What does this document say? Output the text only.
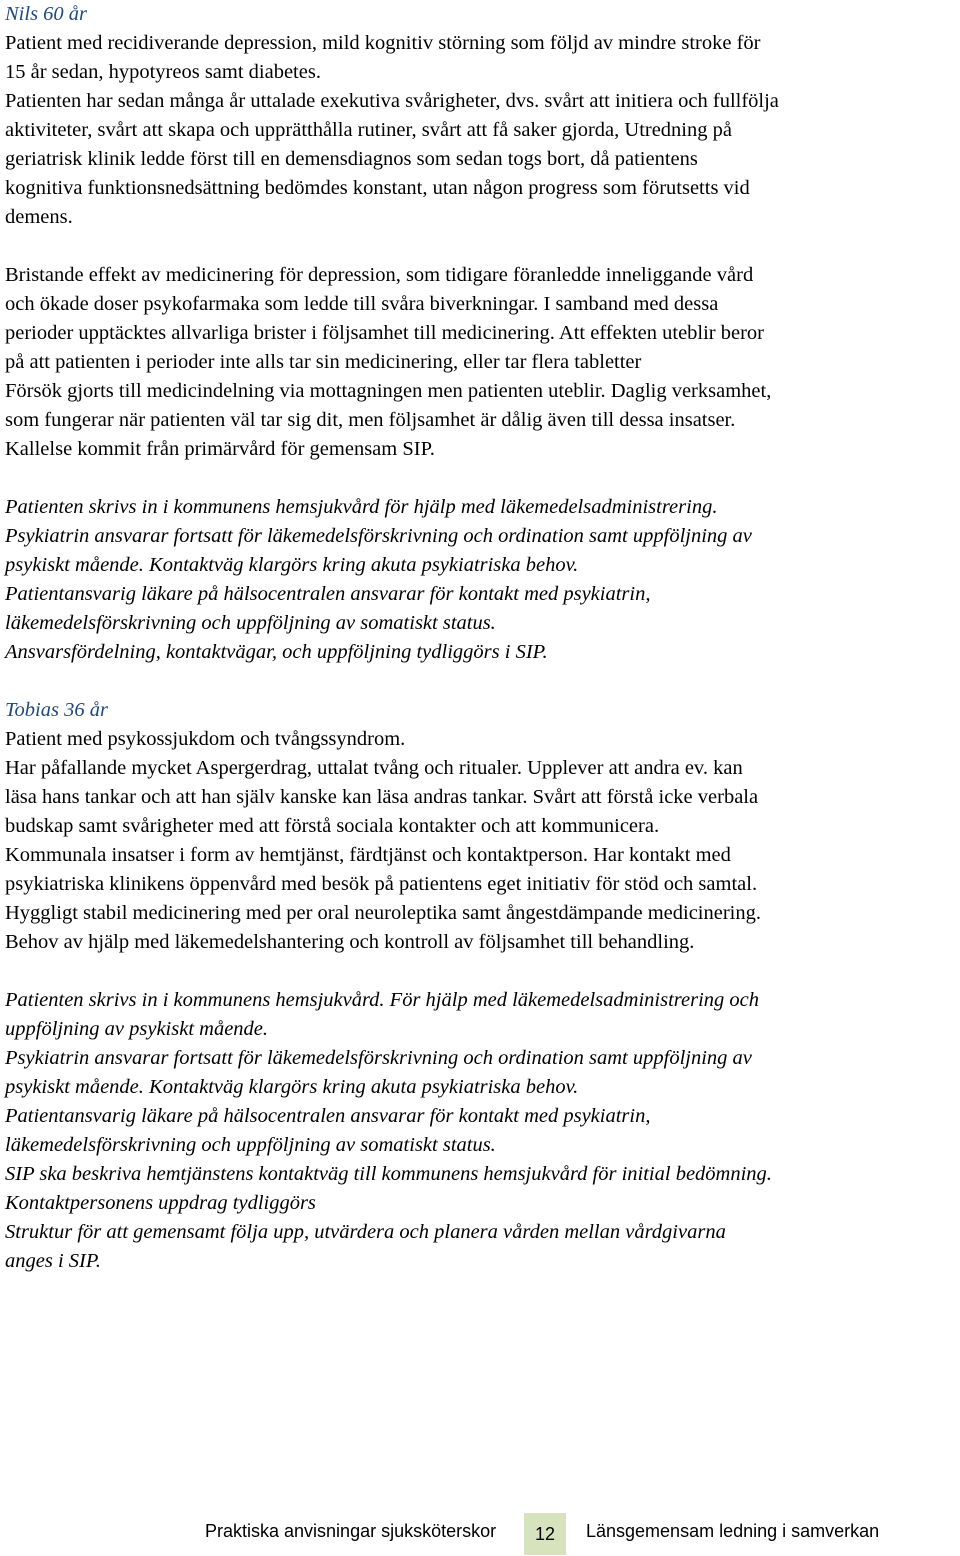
Nils 60 år
Patient med recidiverande depression, mild kognitiv störning som följd av mindre stroke för
15 år sedan, hypotyreos samt diabetes.
Patienten har sedan många år uttalade exekutiva svårigheter, dvs. svårt att initiera och fullfölja
aktiviteter, svårt att skapa och upprätthålla rutiner, svårt att få saker gjorda, Utredning på
geriatrisk klinik ledde först till en demensdiagnos som sedan togs bort, då patientens
kognitiva funktionsnedsättning bedömdes konstant, utan någon progress som förutsetts vid
demens.
Bristande effekt av medicinering för depression, som tidigare föranledde inneliggande vård
och ökade doser psykofarmaka som ledde till svåra biverkningar. I samband med dessa
perioder upptäcktes allvarliga brister i följsamhet till medicinering. Att effekten uteblir beror
på att patienten i perioder inte alls tar sin medicinering, eller tar flera tabletter
Försök gjorts till medicindelning via mottagningen men patienten uteblir. Daglig verksamhet,
som fungerar när patienten väl tar sig dit, men följsamhet är dålig även till dessa insatser.
Kallelse kommit från primärvård för gemensam SIP.
Patienten skrivs in i kommunens hemsjukvård för hjälp med läkemedelsadministrering.
Psykiatrin ansvarar fortsatt för läkemedelsförskrivning och ordination samt uppföljning av
psykiskt mående. Kontaktväg klargörs kring akuta psykiatriska behov.
Patientansvarig läkare på hälsocentralen ansvarar för kontakt med psykiatrin,
läkemedelsförskrivning och uppföljning av somatiskt status.
Ansvarsfördelning, kontaktvägar, och uppföljning tydliggörs i SIP.
Tobias 36 år
Patient med psykossjukdom och tvångssyndrom.
Har påfallande mycket Aspergerdrag, uttalat tvång och ritualer. Upplever att andra ev. kan
läsa hans tankar och att han själv kanske kan läsa andras tankar. Svårt att förstå icke verbala
budskap samt svårigheter med att förstå sociala kontakter och att kommunicera.
Kommunala insatser i form av hemtjänst, färdtjänst och kontaktperson. Har kontakt med
psykiatriska klinikens öppenvård med besök på patientens eget initiativ för stöd och samtal.
Hyggligt stabil medicinering med per oral neuroleptika samt ångestdämpande medicinering.
Behov av hjälp med läkemedelshantering och kontroll av följsamhet till behandling.
Patienten skrivs in i kommunens hemsjukvård. För hjälp med läkemedelsadministrering och
uppföljning av psykiskt mående.
Psykiatrin ansvarar fortsatt för läkemedelsförskrivning och ordination samt uppföljning av
psykiskt mående. Kontaktväg klargörs kring akuta psykiatriska behov.
Patientansvarig läkare på hälsocentralen ansvarar för kontakt med psykiatrin,
läkemedelsförskrivning och uppföljning av somatiskt status.
SIP ska beskriva hemtjänstens kontaktväg till kommunens hemsjukvård för initial bedömning.
Kontaktpersonens uppdrag tydliggörs
Struktur för att gemensamt följa upp, utvärdera och planera vården mellan vårdgivarna
anges i SIP.
Praktiska anvisningar sjuksköterskor	12	Länsgemensam ledning i samverkan
